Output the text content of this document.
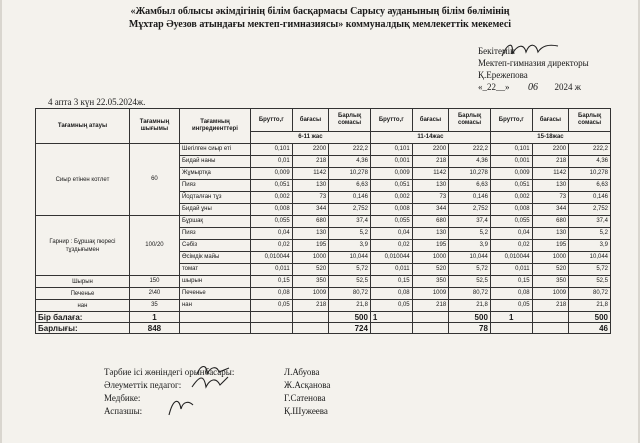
«Жамбыл облысы әкімдігінің білім басқармасы Сарысу ауданының білім бөлімінің
Мұхтар Әуезов атындағы мектеп-гимназиясы» коммуналдық мемлекеттік мекемесі
Бекітемін
Мектеп-гимназия директоры
Қ.Ережепова
«_22__» 06 2024 ж
4 апта 3 күн 22.05.2024ж.
Тағамның атауы	Тағамның шығымы	Тағамның ингредиенттерi	Брутто,г	бағасы	Барлық сомасы	Брутто,г	бағасы	Барлық сомасы	Брутто,г	бағасы	Барлық сомасы
			6-11 жас			11-14жас			15-18жас		
Сиыр етінен котлет	60	Шегілген сиыр еті	0,101	2200	222,2	0,101	2200	222,2	0,101	2200	222,2
		Бидай наны	0,01	218	4,36	0,001	218	4,36	0,001	218	4,36
		Жұмыртқа	0,009	1142	10,278	0,009	1142	10,278	0,009	1142	10,278
		Пияз	0,051	130	6,63	0,051	130	6,63	0,051	130	6,63
		Йодталған тұз	0,002	73	0,146	0,002	73	0,146	0,002	73	0,146
		Бидай ұны	0,008	344	2,752	0,008	344	2,752	0,008	344	2,752
Гарнир : Бұршақ пюресі тұздығымен	100/20	Бұршақ	0,055	680	37,4	0,055	680	37,4	0,055	680	37,4
		Пияз	0,04	130	5,2	0,04	130	5,2	0,04	130	5,2
		Сәбіз	0,02	195	3,9	0,02	195	3,9	0,02	195	3,9
		Өсімдік майы	0,010044	1000	10,044	0,010044	1000	10,044	0,010044	1000	10,044
		томат	0,011	520	5,72	0,011	520	5,72	0,011	520	5,72
Шырын	150	шырын	0,15	350	52,5	0,15	350	52,5	0,15	350	52,5
Печенье	2\40	Печенье	0,08	1009	80,72	0,08	1009	80,72	0,08	1009	80,72
нан	35	нан	0,05	218	21,8	0,05	218	21,8	0,05	218	21,8
Бір балаға:	1				500	1		500	1		500
Барлығы:	848				724			78			46
Тәрбие ісі жөніндегі орынбасары:	Л.Абуова
Әлеуметтік педагог:	Ж.Асқанова
Медбике:	Г.Сатенова
Аспазшы:	Қ.Шужеева
